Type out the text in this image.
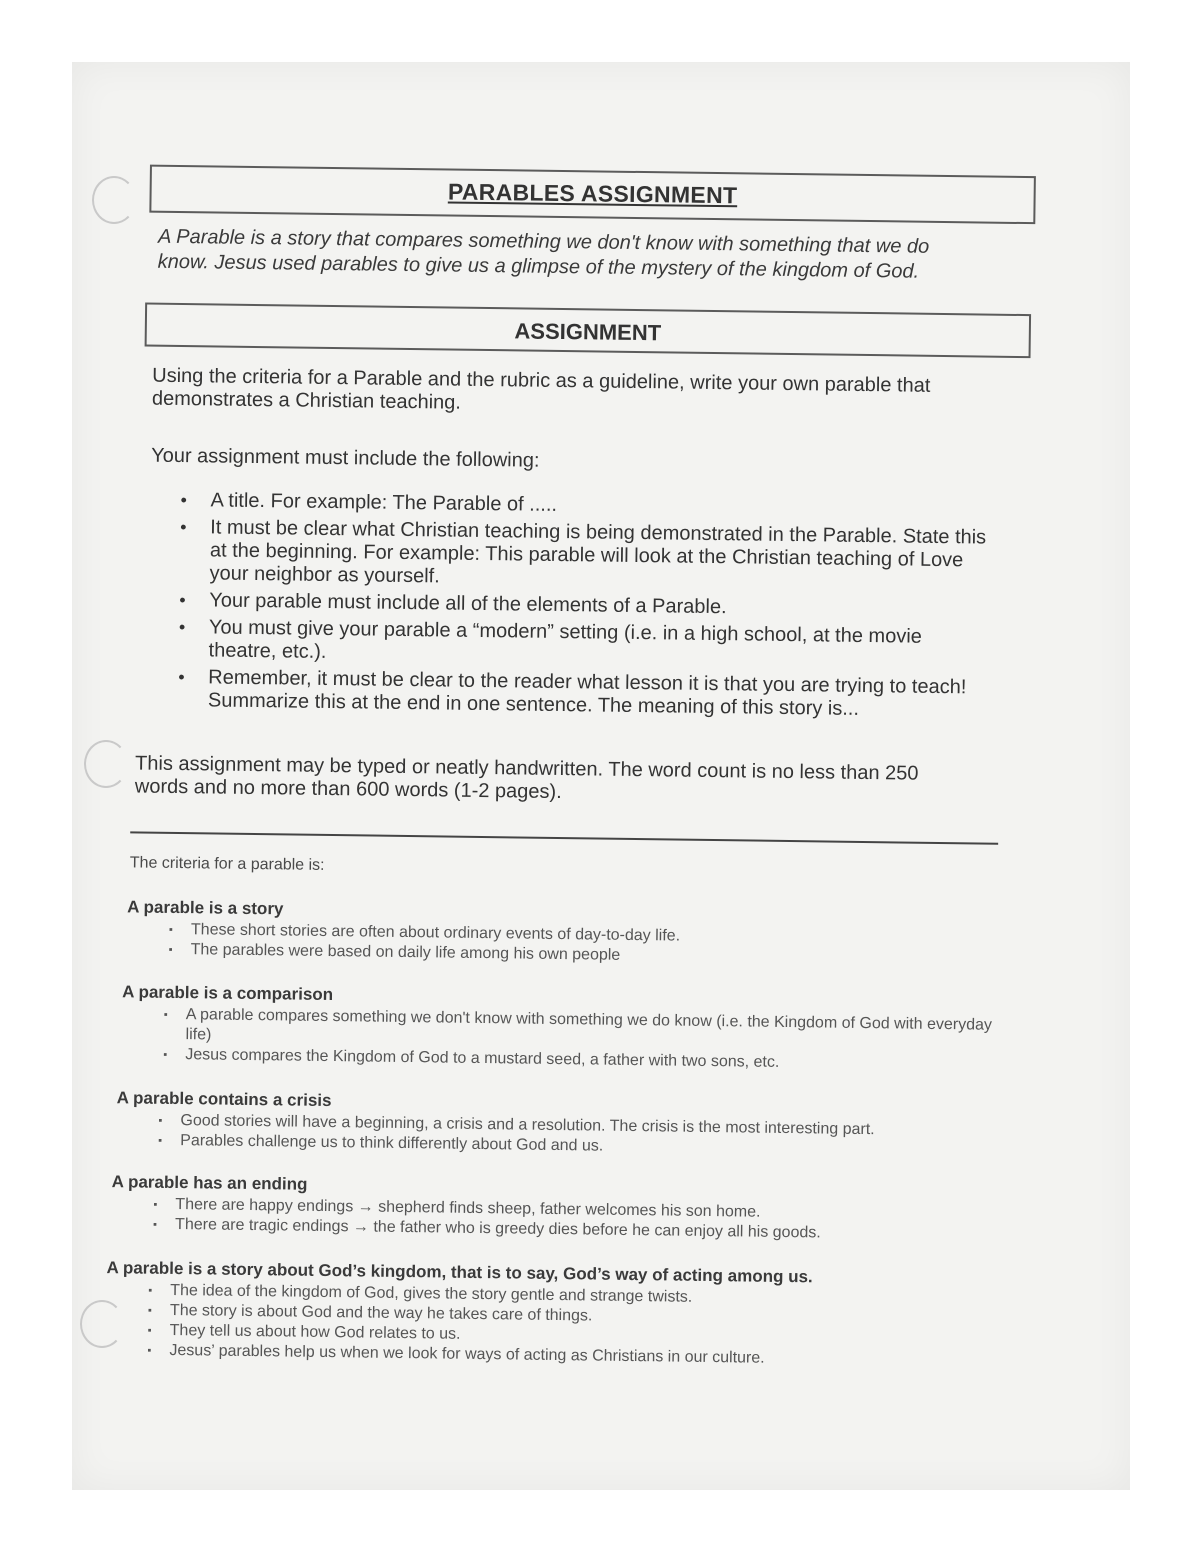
PARABLES ASSIGNMENT
A Parable is a story that compares something we don't know with something that we do know. Jesus used parables to give us a glimpse of the mystery of the kingdom of God.
ASSIGNMENT
Using the criteria for a Parable and the rubric as a guideline, write your own parable that demonstrates a Christian teaching.
Your assignment must include the following:
• A title. For example: The Parable of .....
• It must be clear what Christian teaching is being demonstrated in the Parable. State this at the beginning. For example: This parable will look at the Christian teaching of Love your neighbor as yourself.
• Your parable must include all of the elements of a Parable.
• You must give your parable a “modern” setting (i.e. in a high school, at the movie theatre, etc.).
• Remember, it must be clear to the reader what lesson it is that you are trying to teach! Summarize this at the end in one sentence. The meaning of this story is...
This assignment may be typed or neatly handwritten. The word count is no less than 250 words and no more than 600 words (1-2 pages).
The criteria for a parable is:
A parable is a story
▪ These short stories are often about ordinary events of day-to-day life.
▪ The parables were based on daily life among his own people
A parable is a comparison
▪ A parable compares something we don't know with something we do know (i.e. the Kingdom of God with everyday life)
▪ Jesus compares the Kingdom of God to a mustard seed, a father with two sons, etc.
A parable contains a crisis
▪ Good stories will have a beginning, a crisis and a resolution. The crisis is the most interesting part.
▪ Parables challenge us to think differently about God and us.
A parable has an ending
▪ There are happy endings → shepherd finds sheep, father welcomes his son home.
▪ There are tragic endings → the father who is greedy dies before he can enjoy all his goods.
A parable is a story about God’s kingdom, that is to say, God’s way of acting among us.
▪ The idea of the kingdom of God, gives the story gentle and strange twists.
▪ The story is about God and the way he takes care of things.
▪ They tell us about how God relates to us.
▪ Jesus’ parables help us when we look for ways of acting as Christians in our culture.
